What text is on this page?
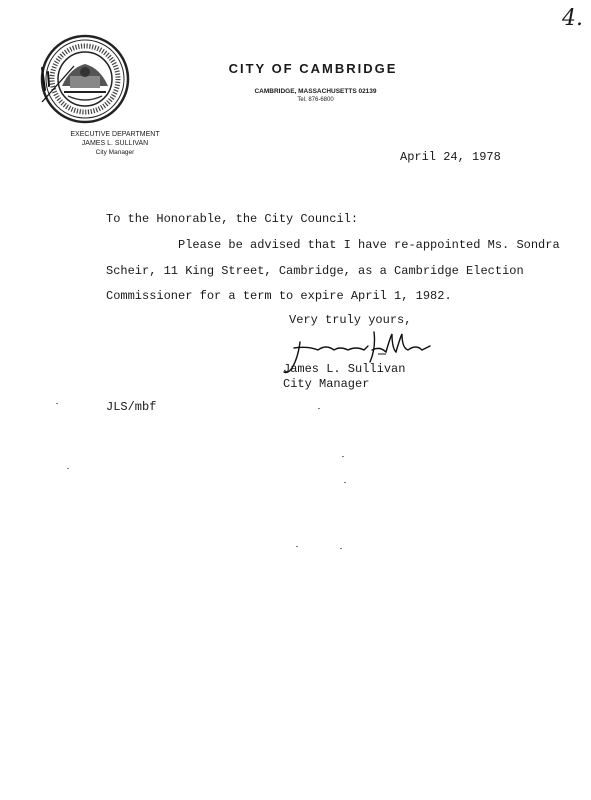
4.
CITY OF CAMBRIDGE
CAMBRIDGE, MASSACHUSETTS 02139
Tel. 876-6800
EXECUTIVE DEPARTMENT
JAMES L. SULLIVAN
City Manager	April 24, 1978
To the Honorable, the City Council:
Please be advised that I have re-appointed Ms. Sondra
Scheir, 11 King Street, Cambridge, as a Cambridge Election
Commissioner for a term to expire April 1, 1982.
Very truly yours,
James L. Sullivan
City Manager
JLS/mbf
